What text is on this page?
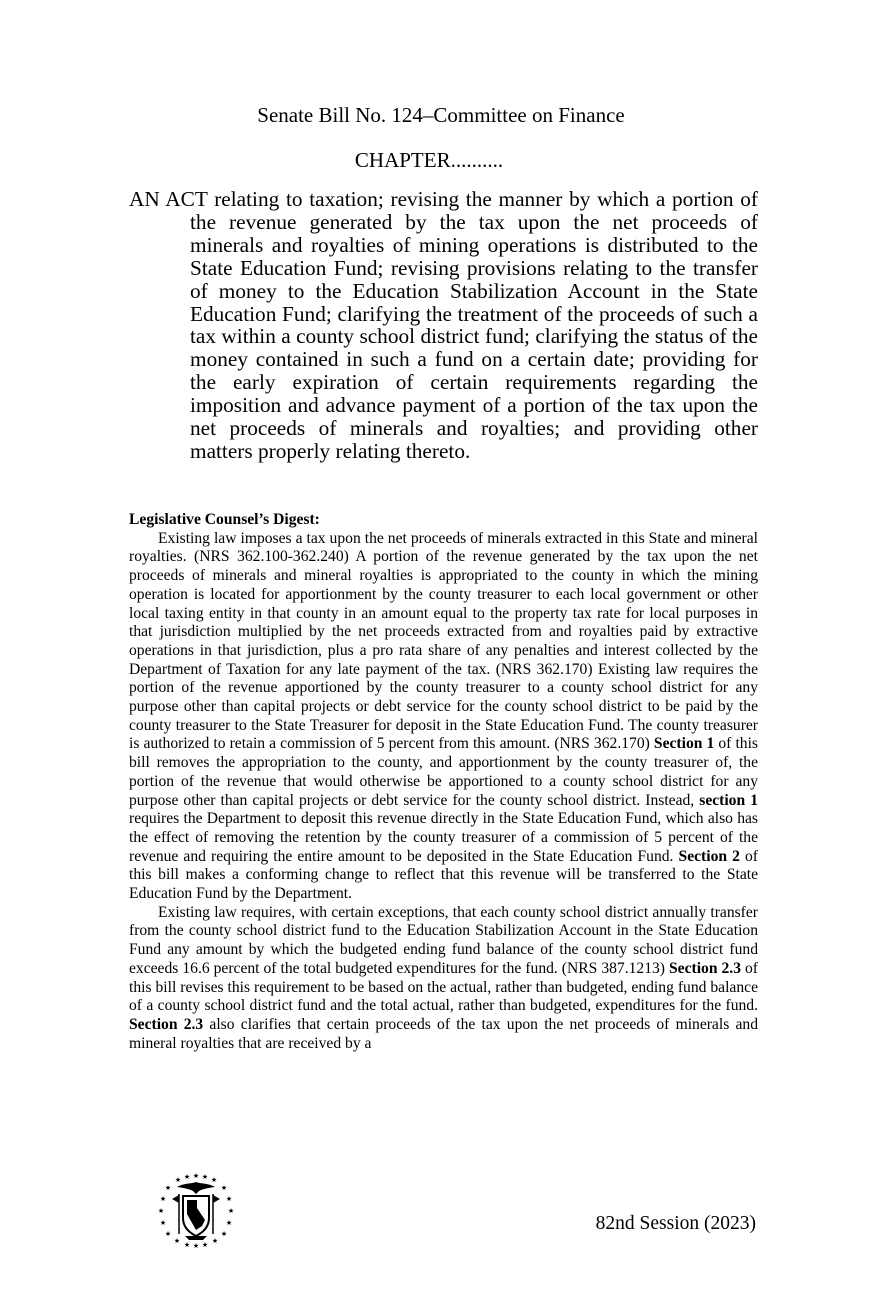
Senate Bill No. 124–Committee on Finance
CHAPTER..........
AN ACT relating to taxation; revising the manner by which a portion of the revenue generated by the tax upon the net proceeds of minerals and royalties of mining operations is distributed to the State Education Fund; revising provisions relating to the transfer of money to the Education Stabilization Account in the State Education Fund; clarifying the treatment of the proceeds of such a tax within a county school district fund; clarifying the status of the money contained in such a fund on a certain date; providing for the early expiration of certain requirements regarding the imposition and advance payment of a portion of the tax upon the net proceeds of minerals and royalties; and providing other matters properly relating thereto.
Legislative Counsel’s Digest:

Existing law imposes a tax upon the net proceeds of minerals extracted in this State and mineral royalties. (NRS 362.100-362.240) A portion of the revenue generated by the tax upon the net proceeds of minerals and mineral royalties is appropriated to the county in which the mining operation is located for apportionment by the county treasurer to each local government or other local taxing entity in that county in an amount equal to the property tax rate for local purposes in that jurisdiction multiplied by the net proceeds extracted from and royalties paid by extractive operations in that jurisdiction, plus a pro rata share of any penalties and interest collected by the Department of Taxation for any late payment of the tax. (NRS 362.170) Existing law requires the portion of the revenue apportioned by the county treasurer to a county school district for any purpose other than capital projects or debt service for the county school district to be paid by the county treasurer to the State Treasurer for deposit in the State Education Fund. The county treasurer is authorized to retain a commission of 5 percent from this amount. (NRS 362.170) Section 1 of this bill removes the appropriation to the county, and apportionment by the county treasurer of, the portion of the revenue that would otherwise be apportioned to a county school district for any purpose other than capital projects or debt service for the county school district. Instead, section 1 requires the Department to deposit this revenue directly in the State Education Fund, which also has the effect of removing the retention by the county treasurer of a commission of 5 percent of the revenue and requiring the entire amount to be deposited in the State Education Fund. Section 2 of this bill makes a conforming change to reflect that this revenue will be transferred to the State Education Fund by the Department.

Existing law requires, with certain exceptions, that each county school district annually transfer from the county school district fund to the Education Stabilization Account in the State Education Fund any amount by which the budgeted ending fund balance of the county school district fund exceeds 16.6 percent of the total budgeted expenditures for the fund. (NRS 387.1213) Section 2.3 of this bill revises this requirement to be based on the actual, rather than budgeted, ending fund balance of a county school district fund and the total actual, rather than budgeted, expenditures for the fund. Section 2.3 also clarifies that certain proceeds of the tax upon the net proceeds of minerals and mineral royalties that are received by a

★ ★ ★
★
★
★	★
★	★
★	★
★	★
★	★
★	★
★ ★
★
82nd Session (2023)
